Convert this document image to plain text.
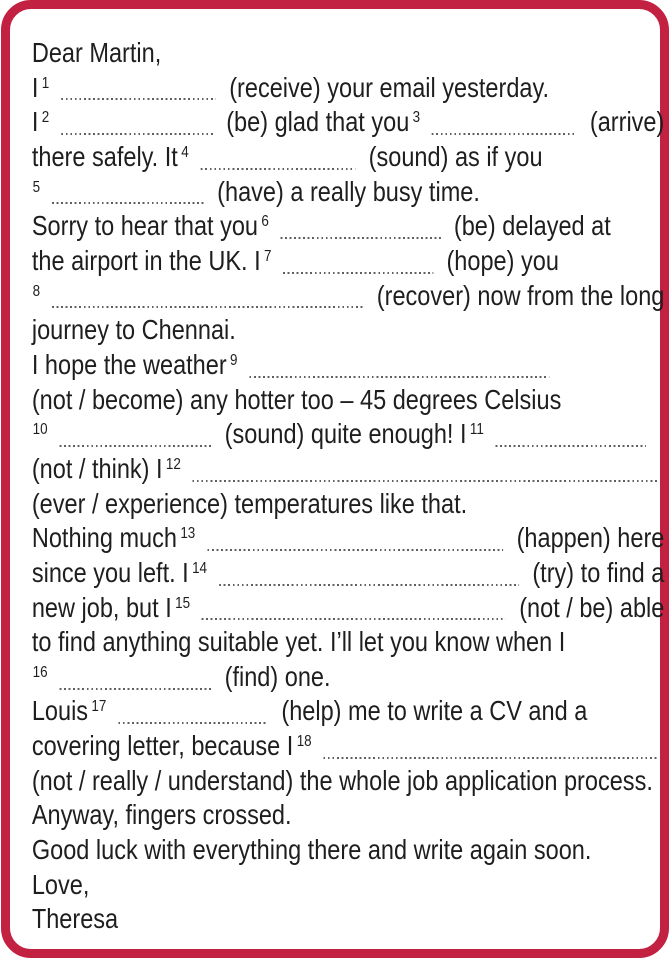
Dear Martin,
I 1	(receive) your email yesterday.
I 2	(be) glad that you 3	(arrive)
there safely. It 4	(sound) as if you
5	(have) a really busy time.
Sorry to hear that you 6	(be) delayed at
the airport in the UK. I 7	(hope) you
8	(recover) now from the long
journey to Chennai.
I hope the weather 9
(not / become) any hotter too – 45 degrees Celsius
10	(sound) quite enough! I 11
(not / think) I 12
(ever / experience) temperatures like that.
Nothing much 13	(happen) here
since you left. I 14	(try) to find a
new job, but I 15	(not / be) able
to find anything suitable yet. I’ll let you know when I
16	(find) one.
Louis 17	(help) me to write a CV and a
covering letter, because I 18
(not / really / understand) the whole job application process.
Anyway, fingers crossed.
Good luck with everything there and write again soon.
Love,
Theresa
